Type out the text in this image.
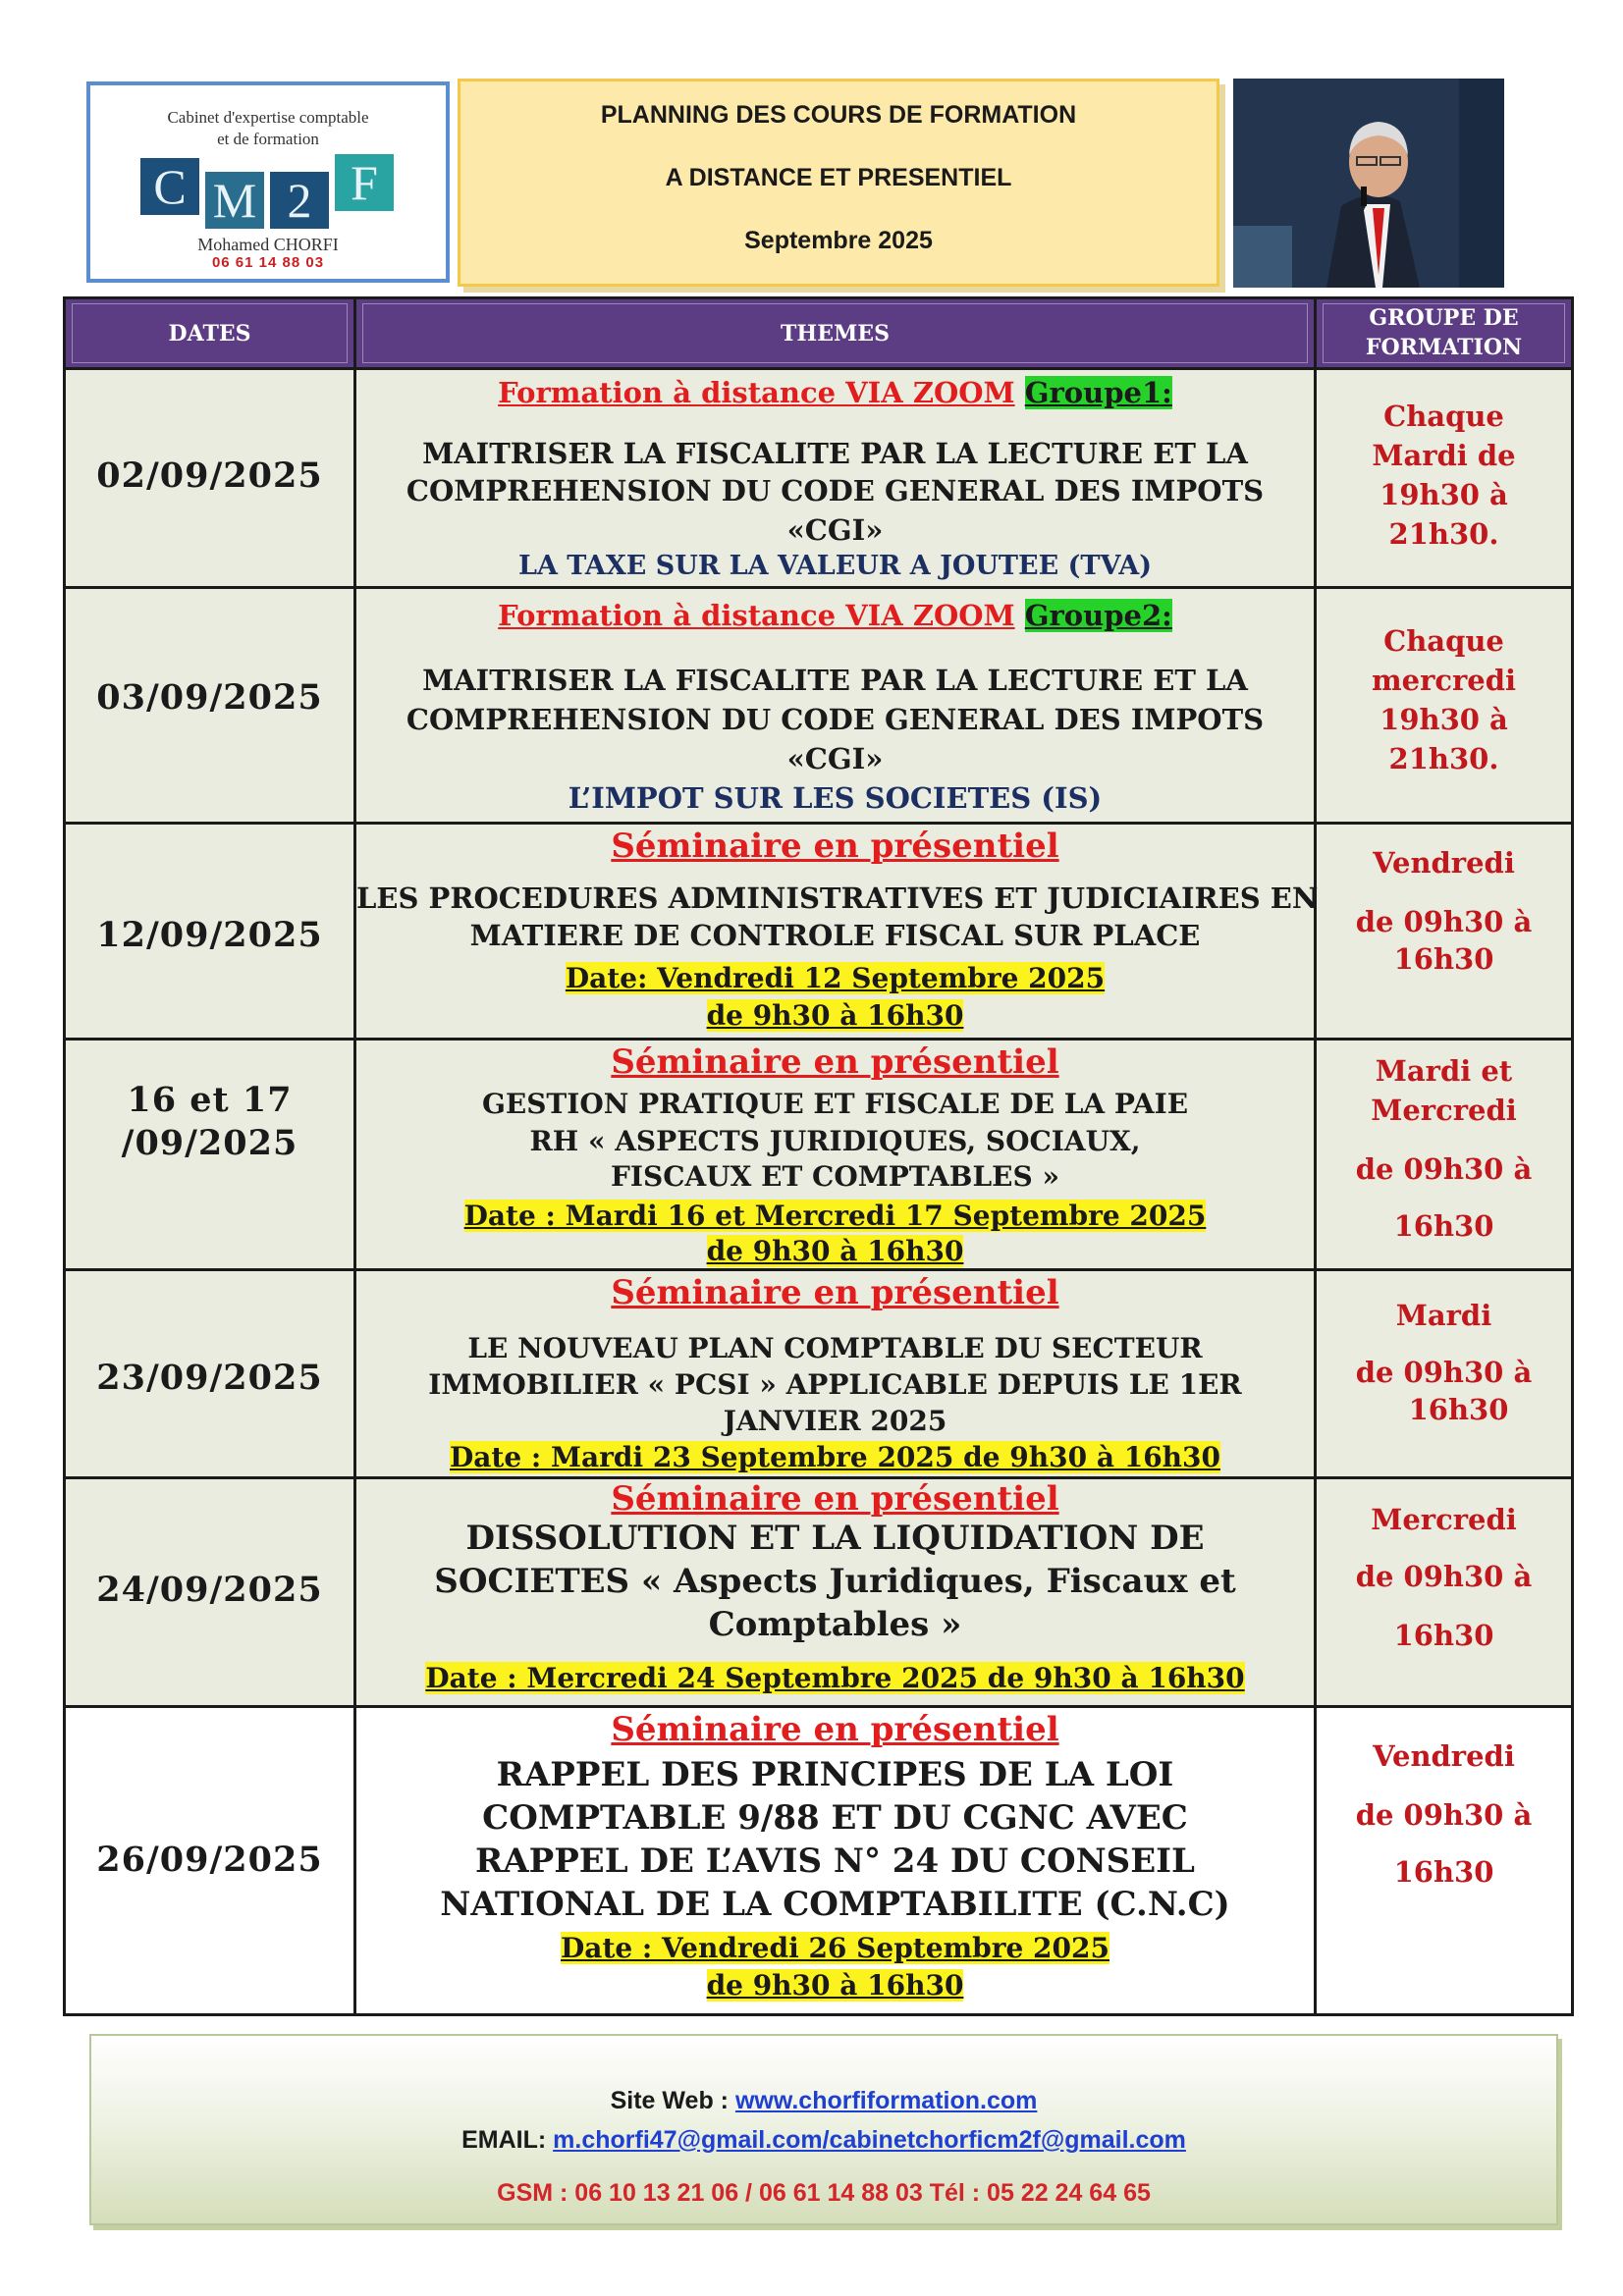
Cabinet d'expertise comptable
et de formation
C M 2 F
Mohamed CHORFI
06 61 14 88 03
PLANNING DES COURS DE FORMATION
A DISTANCE ET PRESENTIEL
Septembre 2025
DATES	THEMES
GROUPE DE
FORMATION
02/09/2025
Formation à distance VIA ZOOM Groupe1:
MAITRISER LA FISCALITE PAR LA LECTURE ET LA
COMPREHENSION DU CODE GENERAL DES IMPOTS
«CGI»
LA TAXE SUR LA VALEUR A JOUTEE (TVA)
Chaque
Mardi de
19h30 à
21h30.
03/09/2025
Formation à distance VIA ZOOM Groupe2:
MAITRISER LA FISCALITE PAR LA LECTURE ET LA
COMPREHENSION DU CODE GENERAL DES IMPOTS
«CGI»
L’IMPOT SUR LES SOCIETES (IS)
Chaque
mercredi
19h30 à
21h30.
12/09/2025
Séminaire en présentiel
LES PROCEDURES ADMINISTRATIVES ET JUDICIAIRES EN
MATIERE DE CONTROLE FISCAL SUR PLACE
Date: Vendredi 12 Septembre 2025
de 9h30 à 16h30
Vendredi
de 09h30 à
16h30
16 et 17
/09/2025
Séminaire en présentiel
GESTION PRATIQUE ET FISCALE DE LA PAIE
RH « ASPECTS JURIDIQUES, SOCIAUX,
FISCAUX ET COMPTABLES »
Date : Mardi 16 et Mercredi 17 Septembre 2025
de 9h30 à 16h30
Mardi et
Mercredi
de 09h30 à
16h30
23/09/2025
Séminaire en présentiel
LE NOUVEAU PLAN COMPTABLE DU SECTEUR
IMMOBILIER « PCSI » APPLICABLE DEPUIS LE 1ER
JANVIER 2025
Date : Mardi 23 Septembre 2025 de 9h30 à 16h30
Mardi
de 09h30 à
16h30
24/09/2025
Séminaire en présentiel
DISSOLUTION ET LA LIQUIDATION DE
SOCIETES « Aspects Juridiques, Fiscaux et
Comptables »
Date : Mercredi 24 Septembre 2025 de 9h30 à 16h30
Mercredi
de 09h30 à
16h30
26/09/2025
Séminaire en présentiel
RAPPEL DES PRINCIPES DE LA LOI
COMPTABLE 9/88 ET DU CGNC AVEC
RAPPEL DE L’AVIS N° 24 DU CONSEIL
NATIONAL DE LA COMPTABILITE (C.N.C)
Date : Vendredi 26 Septembre 2025
de 9h30 à 16h30
Vendredi
de 09h30 à
16h30
Site Web : www.chorfiformation.com
EMAIL: m.chorfi47@gmail.com/cabinetchorficm2f@gmail.com
GSM : 06 10 13 21 06 / 06 61 14 88 03 Tél : 05 22 24 64 65
